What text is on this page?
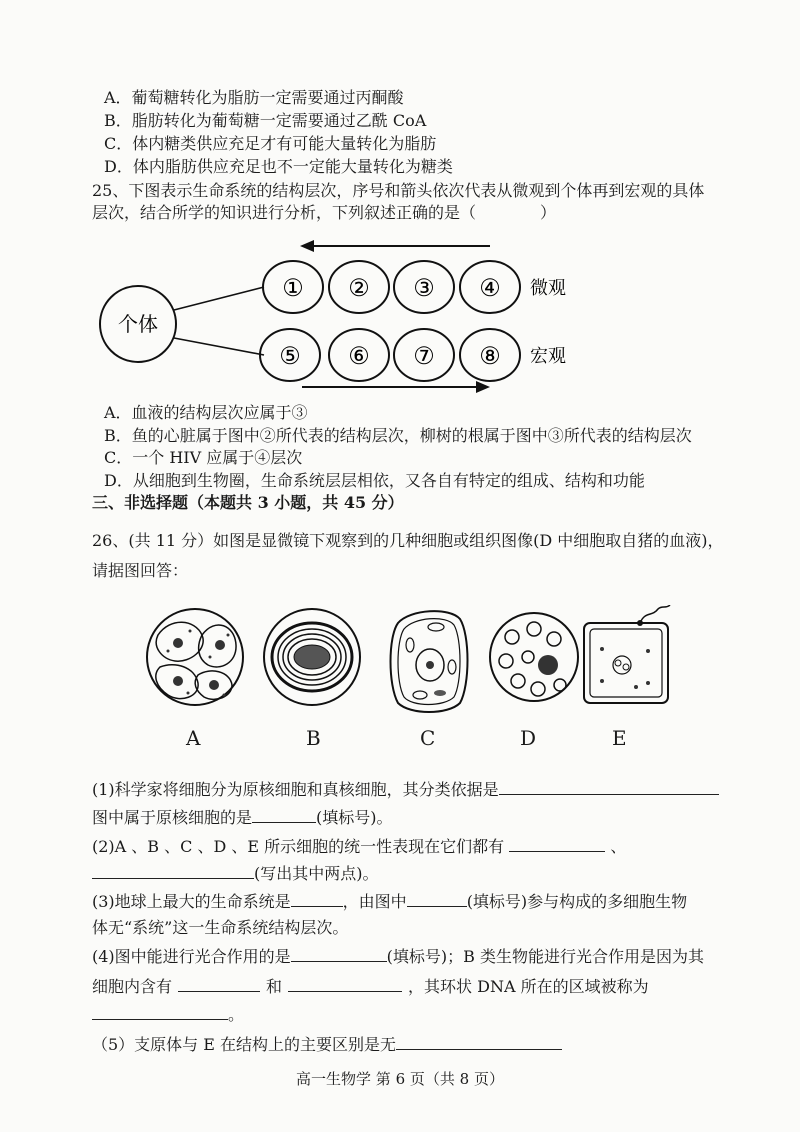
A．葡萄糖转化为脂肪一定需要通过丙酮酸
B．脂肪转化为葡萄糖一定需要通过乙酰 CoA
C．体内糖类供应充足才有可能大量转化为脂肪
D．体内脂肪供应充足也不一定能大量转化为糖类
25、下图表示生命系统的结构层次，序号和箭头依次代表从微观到个体再到宏观的具体
层次，结合所学的知识进行分析，下列叙述正确的是（　　　　）
个体
① ② ③ ④ 微观
⑤ ⑥ ⑦ ⑧ 宏观
A．血液的结构层次应属于③
B．鱼的心脏属于图中②所代表的结构层次，柳树的根属于图中③所代表的结构层次
C．一个 HIV 应属于④层次
D．从细胞到生物圈，生命系统层层相依，又各自有特定的组成、结构和功能
三、非选择题（本题共 3 小题，共 45 分）
26、(共 11 分）如图是显微镜下观察到的几种细胞或组织图像(D 中细胞取自猪的血液)，
请据图回答：
A	B	C	D	E
(1)科学家将细胞分为原核细胞和真核细胞，其分类依据是
图中属于原核细胞的是	(填标号)。
(2)A 、B 、C 、D 、E 所示细胞的统一性表现在它们都有	、
(写出其中两点)。
(3)地球上最大的生命系统是	，由图中	(填标号)参与构成的多细胞生物
体无“系统”这一生命系统结构层次。
(4)图中能进行光合作用的是	(填标号)；B 类生物能进行光合作用是因为其
细胞内含有	和	，其环状 DNA 所在的区域被称为
。
（5）支原体与 E 在结构上的主要区别是无
高一生物学 第 6 页（共 8 页）
